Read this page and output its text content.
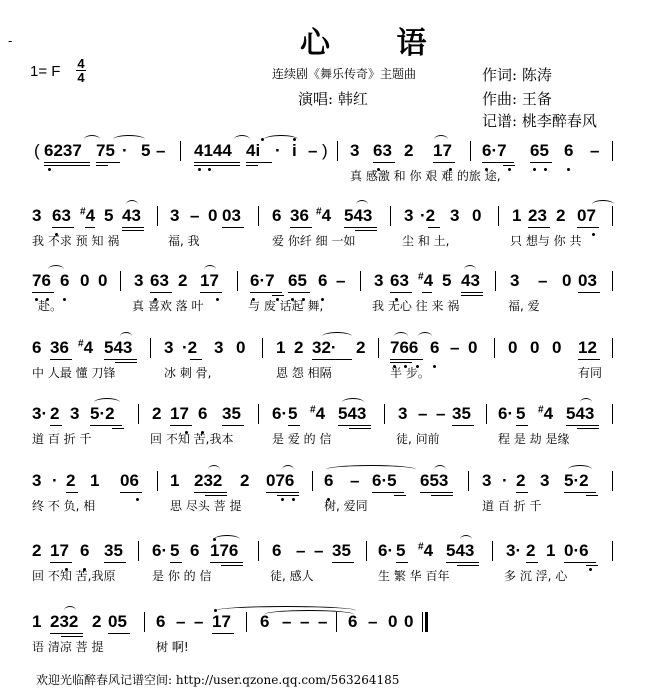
-	心 语
1= F 4
4	连续剧《舞乐传奇》主题曲
演唱: 韩红
作词: 陈涛
作曲: 王备
记谱: 桃李醉春风
( 6237 75 · 5 – 4144 4i · i – ) 3 63 2 17 6·7 65 6 –
真 感激 和 你 艰 难 的旅 途,
3 63 #4 5 43 3 – 0 03 6 36 #4 543 3 ·2 3 0 1 23 2 07
我 不求 预 知 祸	福, 我	爱 你纤 细 一如	尘 和 土,	只 想与 你 共
76 6 0 0 3 63 2 17 6·7 65 6 – 3 63 #4 5 43 3 – 0 03
赴。	真 喜欢 落 叶	与 废 话起 舞,	我 无心 往 来 祸	福, 爱
6 36 #4 543 3 ·2 3 0 1 2 32· 2 766 6 – 0 0 0 0 12
中 人最 懂 刀锋	冰 刺 骨,	恩 怨 相隔	半 步。	有同
3· 2 3 5·2 2 17 6 35 6· 5 #4 543 3 – – 35 6· 5 #4 543
道 百 折 千	回 不知 苦,我本	是 爱 的 信	徒, 问前	程 是 劫 是缘
3 · 2 1 06 1 232 2 076 6 – 6·5 653 3 · 2 3 5·2
终 不 负, 相	思 尽头 菩 提	树, 爱同	道 百 折 千
2 17 6 35 6· 5 6 176 6 – – 35 6· 5 #4 543 3· 2 1 0·6
回 不知 苦,我原	是 你 的 信	徒, 感人	生 繁 华 百年	多 沉 浮, 心
1 232 2 05 6 – – 17 6 – – – 6 – 0 0
语 清凉 菩 提	树 啊!
欢迎光临醉春风记谱空间: http://user.qzone.qq.com/563264185
